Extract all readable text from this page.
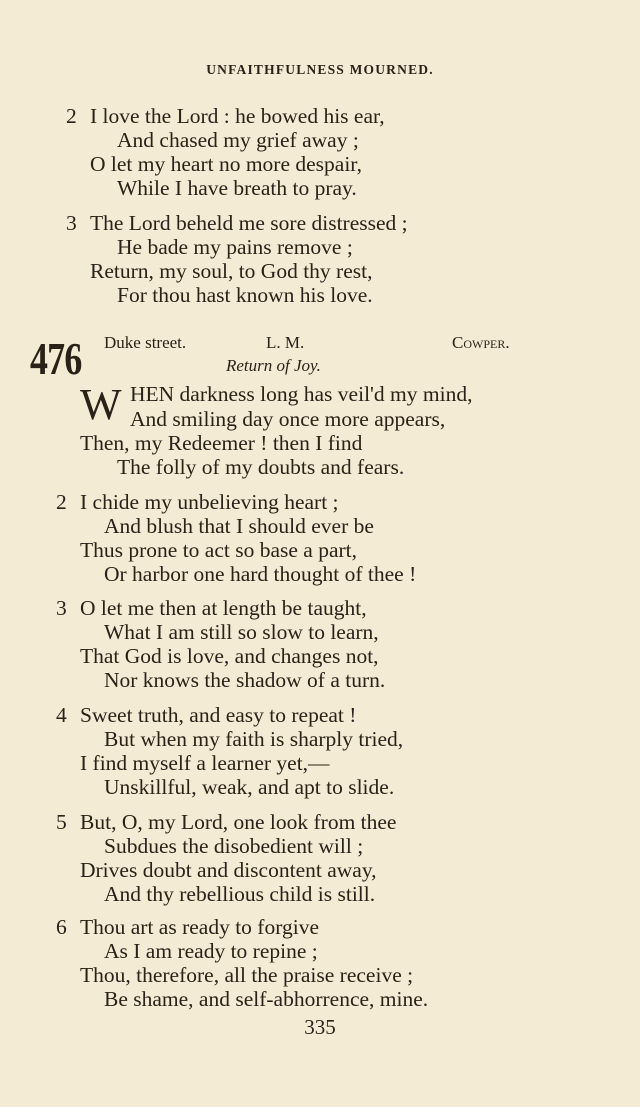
UNFAITHFULNESS MOURNED.
2 I love the Lord : he bowed his ear,
And chased my grief away ;
O let my heart no more despair,
While I have breath to pray.
3 The Lord beheld me sore distressed ;
He bade my pains remove ;
Return, my soul, to God thy rest,
For thou hast known his love.
476 Duke street.	L. M.	Cowper.
Return of Joy.
W HEN darkness long has veil'd my mind,
And smiling day once more appears,
Then, my Redeemer ! then I find
The folly of my doubts and fears.
2 I chide my unbelieving heart ;
And blush that I should ever be
Thus prone to act so base a part,
Or harbor one hard thought of thee !
3 O let me then at length be taught,
What I am still so slow to learn,
That God is love, and changes not,
Nor knows the shadow of a turn.
4 Sweet truth, and easy to repeat !
But when my faith is sharply tried,
I find myself a learner yet,—
Unskillful, weak, and apt to slide.
5 But, O, my Lord, one look from thee
Subdues the disobedient will ;
Drives doubt and discontent away,
And thy rebellious child is still.
6 Thou art as ready to forgive
As I am ready to repine ;
Thou, therefore, all the praise receive ;
Be shame, and self-abhorrence, mine.
335
